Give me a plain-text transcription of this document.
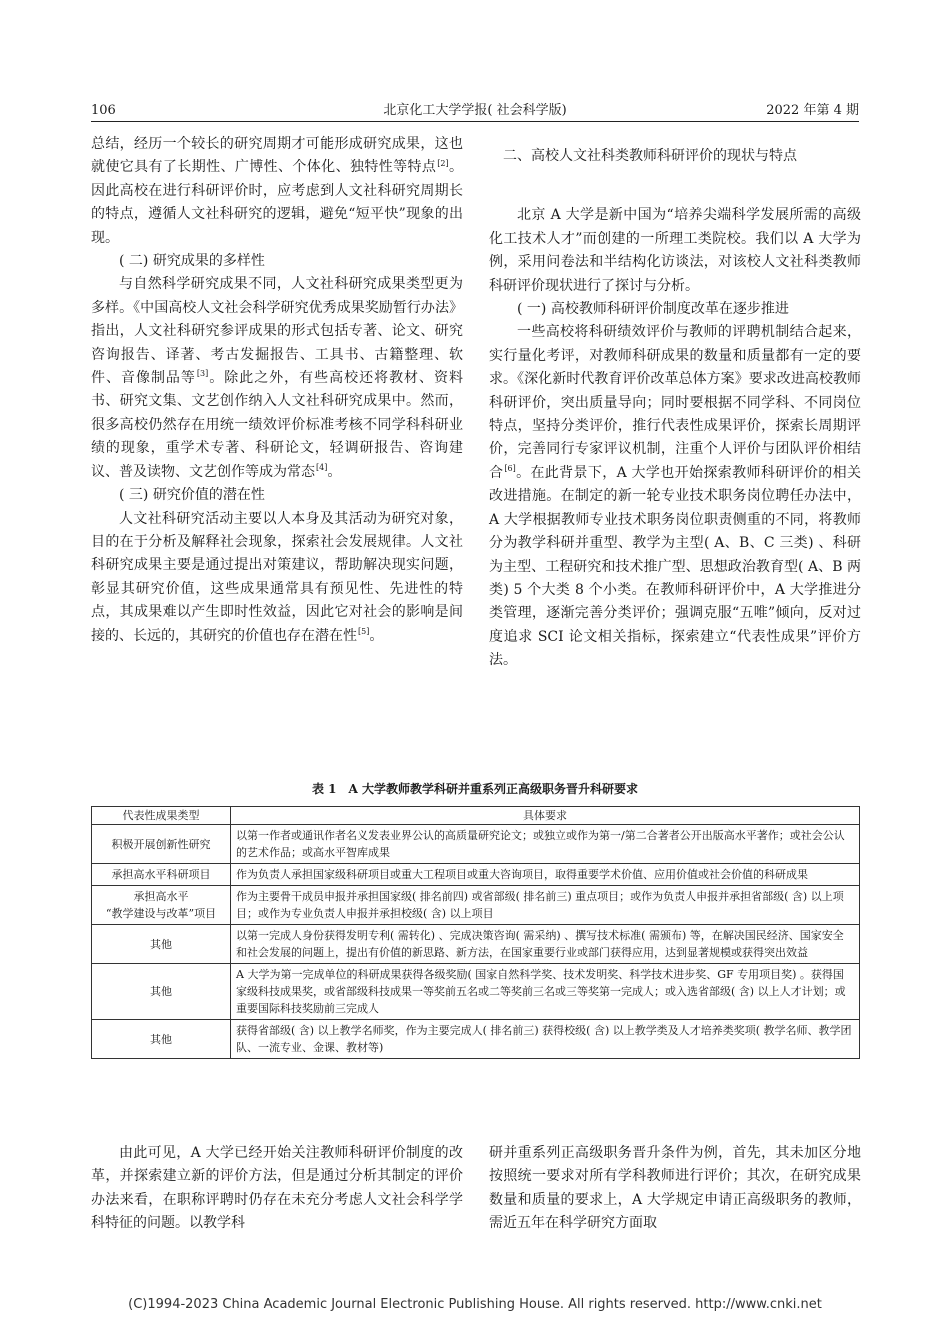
106	北京化工大学学报( 社会科学版)	2022 年第 4 期

总结，经历一个较长的研究周期才可能形成研究成果，这也就使它具有了长期性、广博性、个体化、独特性等特点[2]。因此高校在进行科研评价时，应考虑到人文社科研究周期长的特点，遵循人文社科研究的逻辑，避免“短平快”现象的出现。

( 二) 研究成果的多样性

与自然科学研究成果不同，人文社科研究成果类型更为多样。《中国高校人文社会科学研究优秀成果奖励暂行办法》指出，人文社科研究参评成果的形式包括专著、论文、研究咨询报告、译著、考古发掘报告、工具书、古籍整理、软件、音像制品等[3]。除此之外，有些高校还将教材、资料书、研究文集、文艺创作纳入人文社科研究成果中。然而，很多高校仍然存在用统一绩效评价标准考核不同学科科研业绩的现象，重学术专著、科研论文，轻调研报告、咨询建议、普及读物、文艺创作等成为常态[4]。

( 三) 研究价值的潜在性

人文社科研究活动主要以人本身及其活动为研究对象，目的在于分析及解释社会现象，探索社会发展规律。人文社科研究成果主要是通过提出对策建议，帮助解决现实问题，彰显其研究价值，这些成果通常具有预见性、先进性的特点，其成果难以产生即时性效益，因此它对社会的影响是间接的、长远的，其研究的价值也存在潜在性[5]。

二、高校人文社科类教师科研评价的现状与特点

北京 A 大学是新中国为“培养尖端科学发展所需的高级化工技术人才”而创建的一所理工类院校。我们以 A 大学为例，采用问卷法和半结构化访谈法，对该校人文社科类教师科研评价现状进行了探讨与分析。

( 一) 高校教师科研评价制度改革在逐步推进

一些高校将科研绩效评价与教师的评聘机制结合起来，实行量化考评，对教师科研成果的数量和质量都有一定的要求。《深化新时代教育评价改革总体方案》要求改进高校教师科研评价，突出质量导向；同时要根据不同学科、不同岗位特点，坚持分类评价，推行代表性成果评价，探索长周期评价，完善同行专家评议机制，注重个人评价与团队评价相结合[6]。在此背景下，A 大学也开始探索教师科研评价的相关改进措施。在制定的新一轮专业技术职务岗位聘任办法中，A 大学根据教师专业技术职务岗位职责侧重的不同，将教师分为教学科研并重型、教学为主型( A、B、C 三类) 、科研为主型、工程研究和技术推广型、思想政治教育型( A、B 两类) 5 个大类 8 个小类。在教师科研评价中，A 大学推进分类管理，逐渐完善分类评价；强调克服“五唯”倾向，反对过度追求 SCI 论文相关指标，探索建立“代表性成果”评价方法。

表 1　A 大学教师教学科研并重系列正高级职务晋升科研要求
代表性成果类型	具体要求
积极开展创新性研究	以第一作者或通讯作者名义发表业界公认的高质量研究论文；或独立或作为第一/第二合著者公开出版高水平著作；或社会公认的艺术作品；或高水平智库成果
承担高水平科研项目	作为负责人承担国家级科研项目或重大工程项目或重大咨询项目，取得重要学术价值、应用价值或社会价值的科研成果

承担高水平
“教学建设与改革”项目	作为主要骨干成员申报并承担国家级( 排名前四) 或省部级( 排名前三) 重点项目；或作为负责人申报并承担省部级( 含) 以上项目；或作为专业负责人申报并承担校级( 含) 以上项目
其他	以第一完成人身份获得发明专利( 需转化) 、完成决策咨询( 需采纳) 、撰写技术标准( 需颁布) 等，在解决国民经济、国家安全和社会发展的问题上，提出有价值的新思路、新方法，在国家重要行业或部门获得应用，达到显著规模或获得突出效益
其他	A 大学为第一完成单位的科研成果获得各级奖励( 国家自然科学奖、技术发明奖、科学技术进步奖、GF 专用项目奖) 。获得国家级科技成果奖，或省部级科技成果一等奖前五名或二等奖前三名或三等奖第一完成人；或入选省部级( 含) 以上人才计划；或重要国际科技奖励前三完成人
其他	获得省部级( 含) 以上教学名师奖，作为主要完成人( 排名前三) 获得校级( 含) 以上教学类及人才培养类奖项( 教学名师、教学团队、一流专业、金课、教材等)

由此可见，A 大学已经开始关注教师科研评价制度的改革，并探索建立新的评价方法，但是通过分析其制定的评价办法来看，在职称评聘时仍存在未充分考虑人文社会科学学科特征的问题。以教学科

研并重系列正高级职务晋升条件为例，首先，其未加区分地按照统一要求对所有学科教师进行评价；其次，在研究成果数量和质量的要求上，A 大学规定申请正高级职务的教师，需近五年在科学研究方面取

(C)1994-2023 China Academic Journal Electronic Publishing House. All rights reserved. http://www.cnki.net
